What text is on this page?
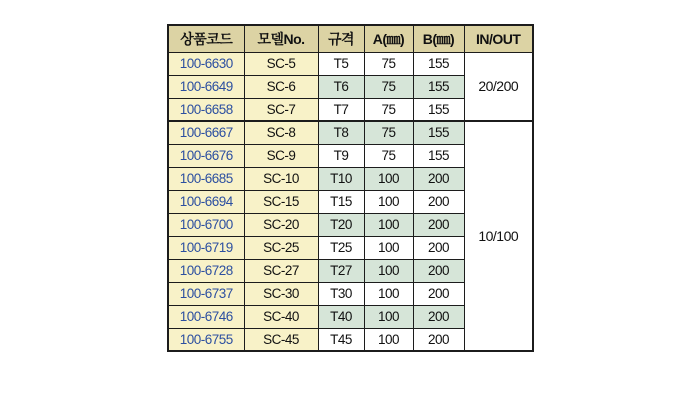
상품코드	모델No.	규격	A(㎜)	B(㎜)	IN/OUT
100-6630	SC-5	T5	75	155	20/200
100-6649	SC-6	T6	75	155	
100-6658	SC-7	T7	75	155	
100-6667	SC-8	T8	75	155	10/100
100-6676	SC-9	T9	75	155	
100-6685	SC-10	T10	100	200	
100-6694	SC-15	T15	100	200	
100-6700	SC-20	T20	100	200	
100-6719	SC-25	T25	100	200	
100-6728	SC-27	T27	100	200	
100-6737	SC-30	T30	100	200	
100-6746	SC-40	T40	100	200	
100-6755	SC-45	T45	100	200	
